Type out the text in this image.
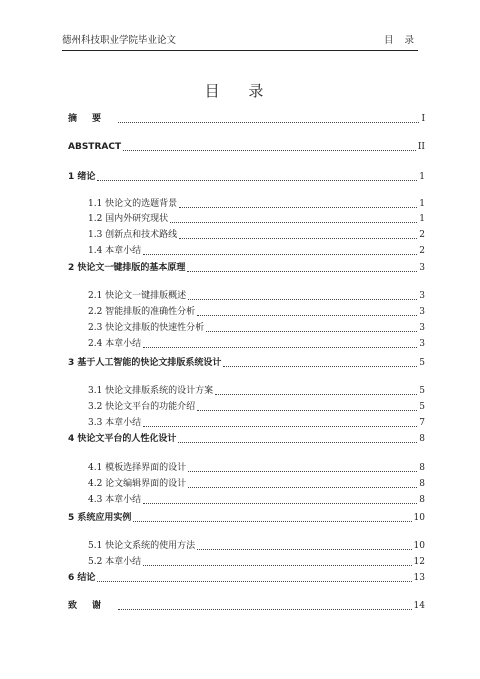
德州科技职业学院毕业论文	目 录
目 录
摘要	I
ABSTRACT	II
1 绪论	1
1.1 快论文的选题背景	1
1.2 国内外研究现状	1
1.3 创新点和技术路线	2
1.4 本章小结	2
2 快论文一键排版的基本原理	3
2.1 快论文一键排版概述	3
2.2 智能排版的准确性分析	3
2.3 快论文排版的快速性分析	3
2.4 本章小结	3
3 基于人工智能的快论文排版系统设计	5
3.1 快论文排版系统的设计方案	5
3.2 快论文平台的功能介绍	5
3.3 本章小结	7
4 快论文平台的人性化设计	8
4.1 模板选择界面的设计	8
4.2 论文编辑界面的设计	8
4.3 本章小结	8
5 系统应用实例	10
5.1 快论文系统的使用方法	10
5.2 本章小结	12
6 结论	13
致谢	14
